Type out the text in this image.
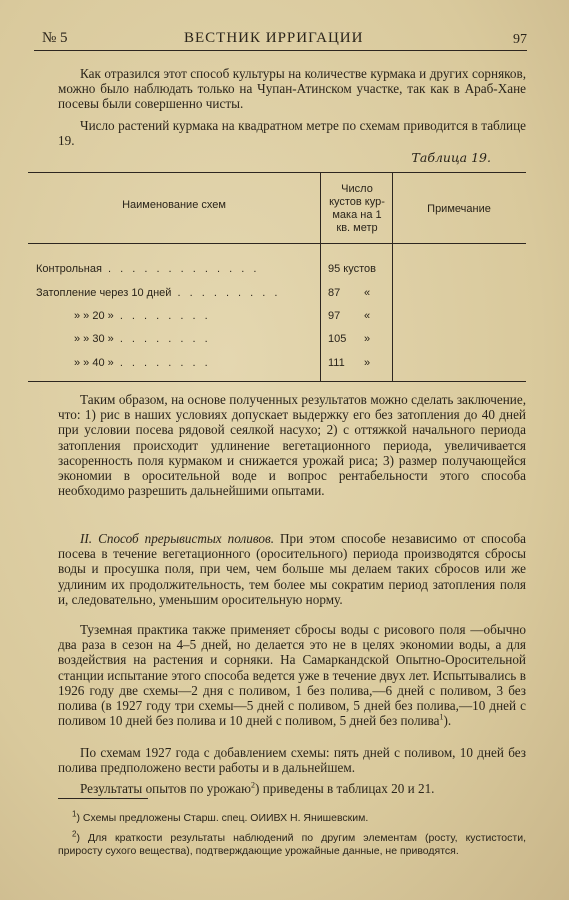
№ 5	ВЕСТНИК ИРРИГАЦИИ	97
Как отразился этот способ культуры на количестве курмака и других сорняков, можно было наблюдать только на Чупан-Атинском участке, так как в Араб-Хане посевы были совершенно чисты.
Число растений курмака на квадратном метре по схемам приводится в таблице 19.
Таблица 19.
Наименование схем
Число кустов курмака на 1 кв. метр
Примечание
Контрольная . . . . . . . . . . . . .	95 кустов
Затопление через 10 дней . . . . . . . . .	87	«
» » 20 » . . . . . . . .	97	«
» » 30 » . . . . . . . .	105	»
» » 40 » . . . . . . . .	111	»
Таким образом, на основе полученных результатов можно сделать заключение, что: 1) рис в наших условиях допускает выдержку его без затопления до 40 дней при условии посева рядовой сеялкой насухо; 2) с оттяжкой начального периода затопления происходит удлинение вегетационного периода, увеличивается засоренность поля курмаком и снижается урожай риса; 3) размер получающейся экономии в оросительной воде и вопрос рентабельности этого способа необходимо разрешить дальнейшими опытами.
II. Способ прерывистых поливов. При этом способе независимо от способа посева в течение вегетационного (оросительного) периода производятся сбросы воды и просушка поля, при чем, чем больше мы делаем таких сбросов или же удлиним их продолжительность, тем более мы сократим период затопления поля и, следовательно, уменьшим оросительную норму.
Туземная практика также применяет сбросы воды с рисового поля —обычно два раза в сезон на 4–5 дней, но делается это не в целях экономии воды, а для воздействия на растения и сорняки. На Самаркандской Опытно-Оросительной станции испытание этого способа ведется уже в течение двух лет. Испытывались в 1926 году две схемы—2 дня с поливом, 1 без полива,—6 дней с поливом, 3 без полива (в 1927 году три схемы—5 дней с поливом, 5 дней без полива,—10 дней с поливом 10 дней без полива и 10 дней с поливом, 5 дней без полива$^1$).
По схемам 1927 года с добавлением схемы: пять дней с поливом, 10 дней без полива предположено вести работы и в дальнейшем.
Результаты опытов по урожаю$^2$) приведены в таблицах 20 и 21.
$^1$) Схемы предложены Старш. спец. ОИИВХ Н. Янишевским.
$^2$) Для краткости результаты наблюдений по другим элементам (росту, кустистости, приросту сухого вещества), подтверждающие урожайные данные, не приводятся.
